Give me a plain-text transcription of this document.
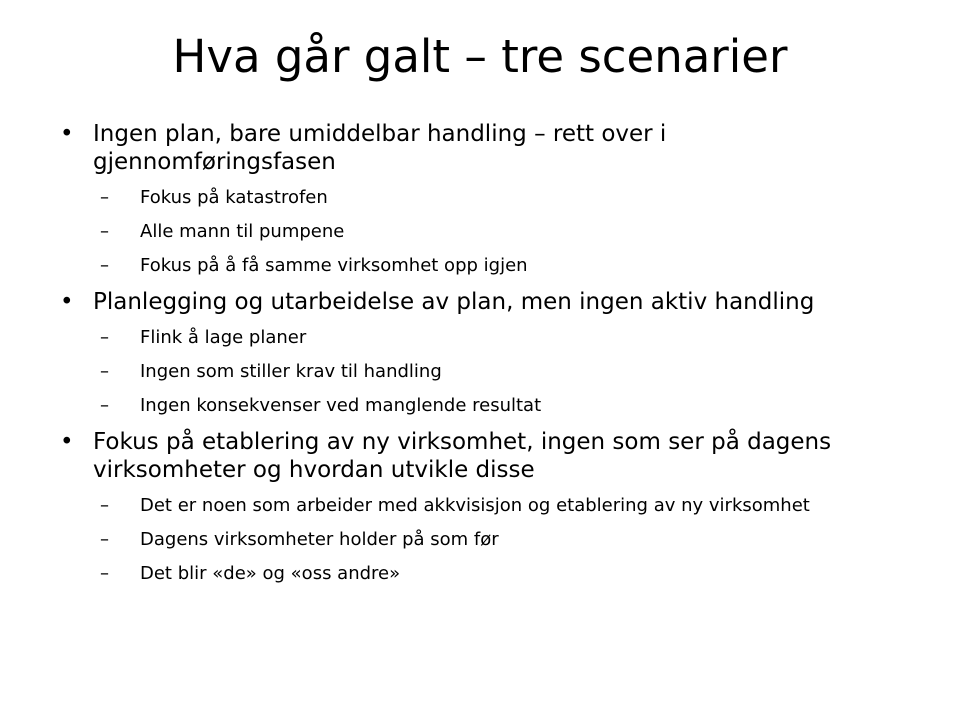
Hva går galt – tre scenarier
• Ingen plan, bare umiddelbar handling – rett over i gjennomføringsfasen
– Fokus på katastrofen
– Alle mann til pumpene
– Fokus på å få samme virksomhet opp igjen
• Planlegging og utarbeidelse av plan, men ingen aktiv handling
– Flink å lage planer
– Ingen som stiller krav til handling
– Ingen konsekvenser ved manglende resultat
• Fokus på etablering av ny virksomhet, ingen som ser på dagens virksomheter og hvordan utvikle disse
– Det er noen som arbeider med akkvisisjon og etablering av ny virksomhet
– Dagens virksomheter holder på som før
– Det blir «de» og «oss andre»
